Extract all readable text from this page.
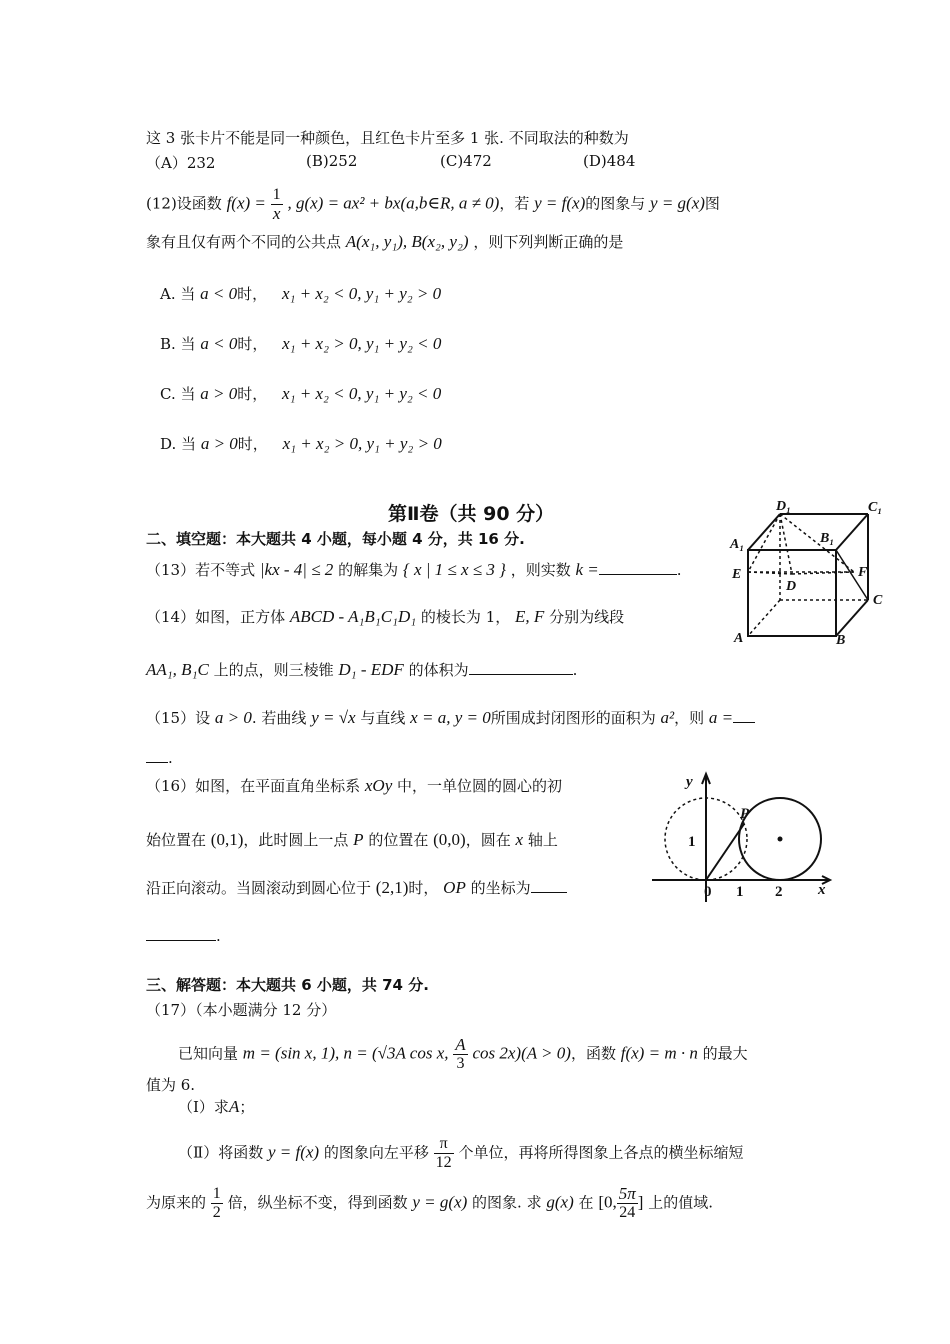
这 3 张卡片不能是同一种颜色，且红色卡片至多 1 张. 不同取法的种数为
（A）232	(B)252	(C)472	(D)484
(12)设函数 $f(x) = \frac{1}{x}$ , g(x) = ax² + bx(a,b∈R, a ≠ 0)，若 y = f(x)的图象与 y = g(x)图
象有且仅有两个不同的公共点 A(x₁, y₁), B(x₂, y₂) ，则下列判断正确的是
A. 当 a < 0时， x₁ + x₂ < 0, y₁ + y₂ > 0
B. 当 a < 0时， x₁ + x₂ > 0, y₁ + y₂ < 0
C. 当 a > 0时， x₁ + x₂ < 0, y₁ + y₂ < 0
D. 当 a > 0时， x₁ + x₂ > 0, y₁ + y₂ > 0
第Ⅱ卷（共 90 分）
二、填空题：本大题共 4 小题，每小题 4 分，共 16 分.
（13）若不等式 |kx - 4| ≤ 2 的解集为 { x | 1 ≤ x ≤ 3 } ，则实数 k =	.
（14）如图，正方体 ABCD - A₁B₁C₁D₁ 的棱长为 1， E, F 分别为线段
AA₁, B₁C 上的点，则三棱锥 D₁ - EDF 的体积为	.
（15）设 a > 0. 若曲线 y = √x 与直线 x = a, y = 0所围成封闭图形的面积为 a²，则 a =
.
（16）如图，在平面直角坐标系 xOy 中，一单位圆的圆心的初
始位置在 (0,1)，此时圆上一点 P 的位置在 (0,0)，圆在 x 轴上
沿正向滚动。当圆滚动到圆心位于 (2,1)时， OP 的坐标为
.
三、解答题：本大题共 6 小题，共 74 分.
（17）（本小题满分 12 分）
已知向量 m = (sin x, 1), n = (√3A cos x, $\frac{A}{3}$ cos 2x)(A > 0)，函数 f(x) = m · n 的最大
值为 6.
（Ⅰ）求A；
（Ⅱ）将函数 y = f(x) 的图象向左平移 $\frac{\pi}{12}$ 个单位，再将所得图象上各点的横坐标缩短
为原来的 $\frac{1}{2}$ 倍，纵坐标不变，得到函数 y = g(x) 的图象. 求 g(x) 在 [0, $\frac{5\pi}{24}$ ] 上的值域.
D₁	C₁
A₁	B₁
E	F
D
C
A	B
y
P
1
0 1 2 x
